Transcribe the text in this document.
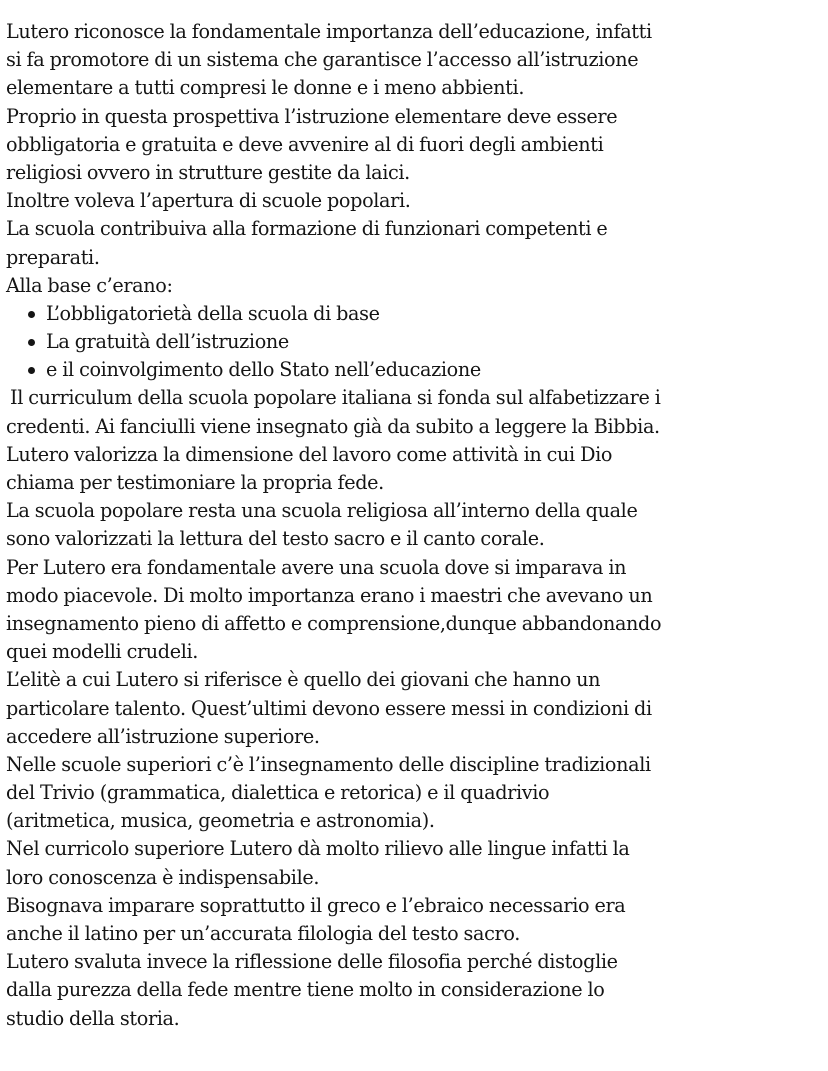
Lutero riconosce la fondamentale importanza dell’educazione, infatti
si fa promotore di un sistema che garantisce l’accesso all’istruzione
elementare a tutti compresi le donne e i meno abbienti.
Proprio in questa prospettiva l’istruzione elementare deve essere
obbligatoria e gratuita e deve avvenire al di fuori degli ambienti
religiosi ovvero in strutture gestite da laici.
Inoltre voleva l’apertura di scuole popolari.
La scuola contribuiva alla formazione di funzionari competenti e
preparati.
Alla base c’erano:
L’obbligatorietà della scuola di base
La gratuità dell’istruzione
e il coinvolgimento dello Stato nell’educazione
Il curriculum della scuola popolare italiana si fonda sul alfabetizzare i
credenti. Ai fanciulli viene insegnato già da subito a leggere la Bibbia.
Lutero valorizza la dimensione del lavoro come attività in cui Dio
chiama per testimoniare la propria fede.
La scuola popolare resta una scuola religiosa all’interno della quale
sono valorizzati la lettura del testo sacro e il canto corale.
Per Lutero era fondamentale avere una scuola dove si imparava in
modo piacevole. Di molto importanza erano i maestri che avevano un
insegnamento pieno di affetto e comprensione,dunque abbandonando
quei modelli crudeli.
L’elitè a cui Lutero si riferisce è quello dei giovani che hanno un
particolare talento. Quest’ultimi devono essere messi in condizioni di
accedere all’istruzione superiore.
Nelle scuole superiori c’è l’insegnamento delle discipline tradizionali
del Trivio (grammatica, dialettica e retorica) e il quadrivio
(aritmetica, musica, geometria e astronomia).
Nel curricolo superiore Lutero dà molto rilievo alle lingue infatti la
loro conoscenza è indispensabile.
Bisognava imparare soprattutto il greco e l’ebraico necessario era
anche il latino per un’accurata filologia del testo sacro.
Lutero svaluta invece la riflessione delle filosofia perché distoglie
dalla purezza della fede mentre tiene molto in considerazione lo
studio della storia.
